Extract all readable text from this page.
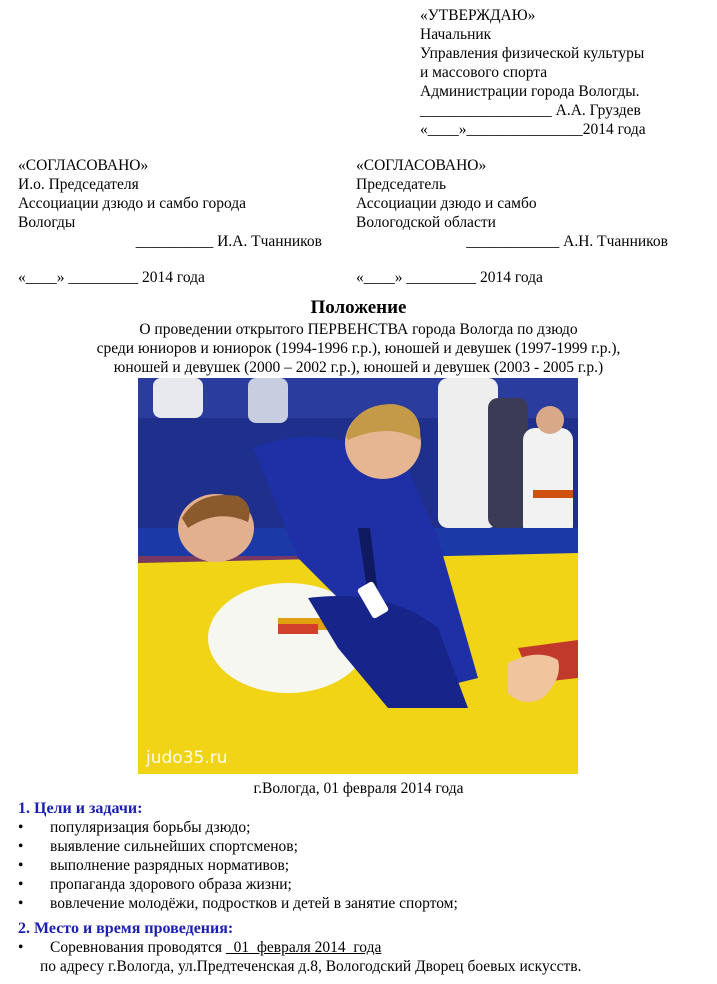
«УТВЕРЖДАЮ»
Начальник
Управления физической культуры
и массового спорта
Администрации города Вологды.
_________________ А.А. Груздев
«____»_______________2014 года
«СОГЛАСОВАНО»
И.о. Председателя
Ассоциации дзюдо и самбо города
Вологды
__________ И.А. Тчанников
«____» _________ 2014 года
«СОГЛАСОВАНО»
Председатель
Ассоциации дзюдо и самбо
Вологодской области
____________ А.Н. Тчанников
«____» _________ 2014 года
Положение
О проведении открытого ПЕРВЕНСТВА города Вологда по дзюдо
среди юниоров и юниорок (1994-1996 г.р.), юношей и девушек (1997-1999 г.р.),
юношей и девушек (2000 – 2002 г.р.), юношей и девушек (2003 - 2005 г.р.)
judo35.ru
г.Вологда, 01 февраля 2014 года
1. Цели и задачи:
• популяризация борьбы дзюдо;
• выявление сильнейших спортсменов;
• выполнение разрядных нормативов;
• пропаганда здорового образа жизни;
• вовлечение молодёжи, подростков и детей в занятие спортом;
2. Место и время проведения:
• Соревнования проводятся   01  февраля 2014  года
по адресу г.Вологда, ул.Предтеченская д.8, Вологодский Дворец боевых искусств.
